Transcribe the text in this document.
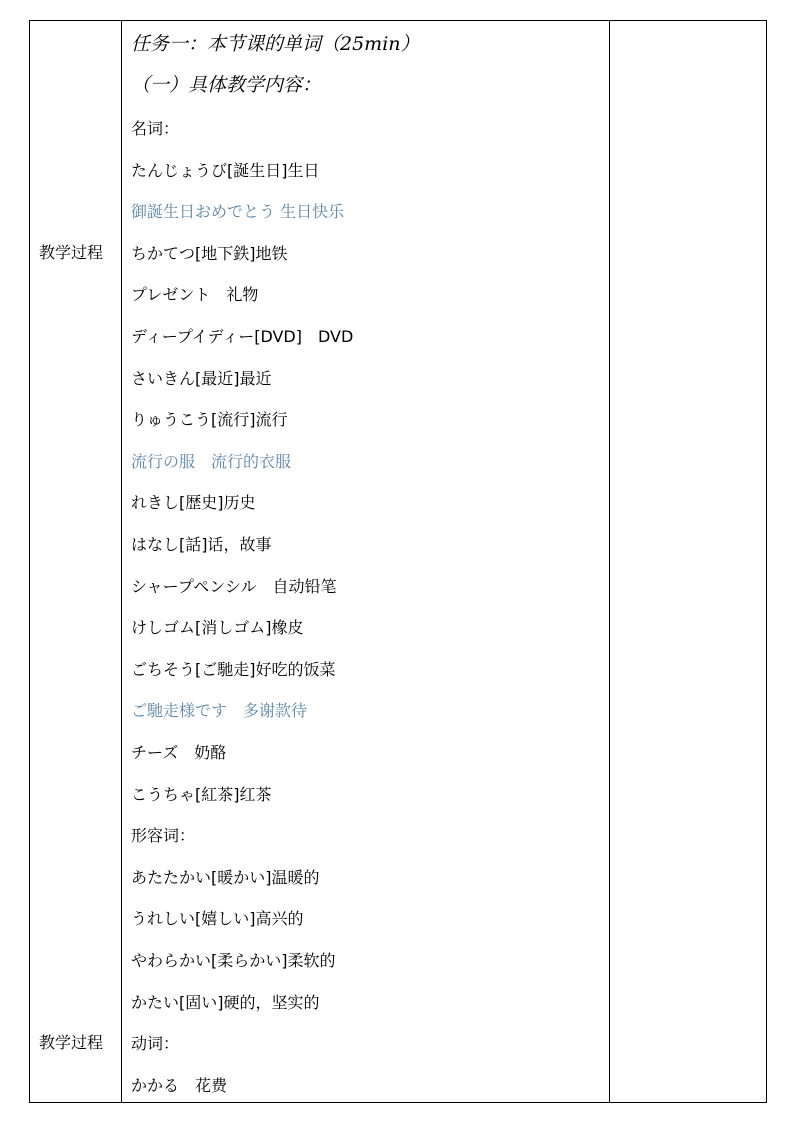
教学过程
教学过程
任务一：本节课的单词（25min）
（一）具体教学内容：
名词：
たんじょうび[誕生日]生日
御誕生日おめでとう 生日快乐
ちかてつ[地下鉄]地铁
プレゼント　礼物
ディープイディー[DVD]　DVD
さいきん[最近]最近
りゅうこう[流行]流行
流行の服　流行的衣服
れきし[歴史]历史
はなし[話]话，故事
シャープペンシル　自动铅笔
けしゴム[消しゴム]橡皮
ごちそう[ご馳走]好吃的饭菜
ご馳走様です　多谢款待
チーズ　奶酪
こうちゃ[紅茶]红茶
形容词：
あたたかい[暖かい]温暖的
うれしい[嬉しい]高兴的
やわらかい[柔らかい]柔软的
かたい[固い]硬的，坚实的
动词：
かかる　花费
